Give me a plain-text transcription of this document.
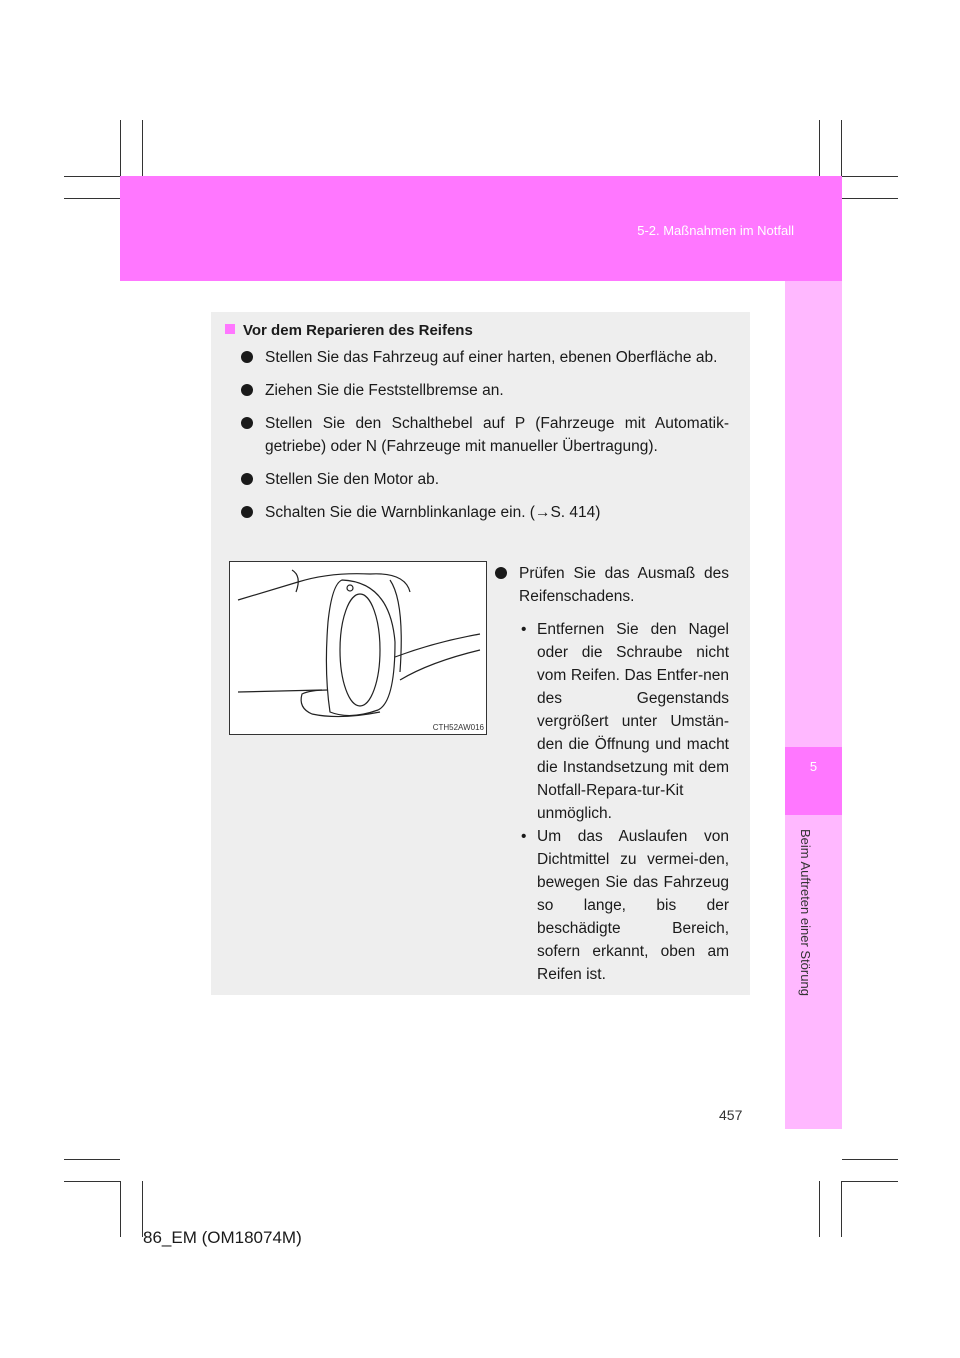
5-2. Maßnahmen im Notfall
5
Beim Auftreten einer Störung
Vor dem Reparieren des Reifens
Stellen Sie das Fahrzeug auf einer harten, ebenen Oberfläche ab.
Ziehen Sie die Feststellbremse an.
Stellen Sie den Schalthebel auf P (Fahrzeuge mit Automatik-getriebe) oder N (Fahrzeuge mit manueller Übertragung).
Stellen Sie den Motor ab.
Schalten Sie die Warnblinkanlage ein. (→S. 414)
CTH52AW016
Prüfen Sie das Ausmaß des Reifenschadens.
• Entfernen Sie den Nagel oder die Schraube nicht vom Reifen. Das Entfer-nen des Gegenstands vergrößert unter Umstän-den die Öffnung und macht die Instandsetzung mit dem Notfall-Repara-tur-Kit unmöglich.
• Um das Auslaufen von Dichtmittel zu vermei-den, bewegen Sie das Fahrzeug so lange, bis der beschädigte Bereich, sofern erkannt, oben am Reifen ist.
457
86_EM (OM18074M)
